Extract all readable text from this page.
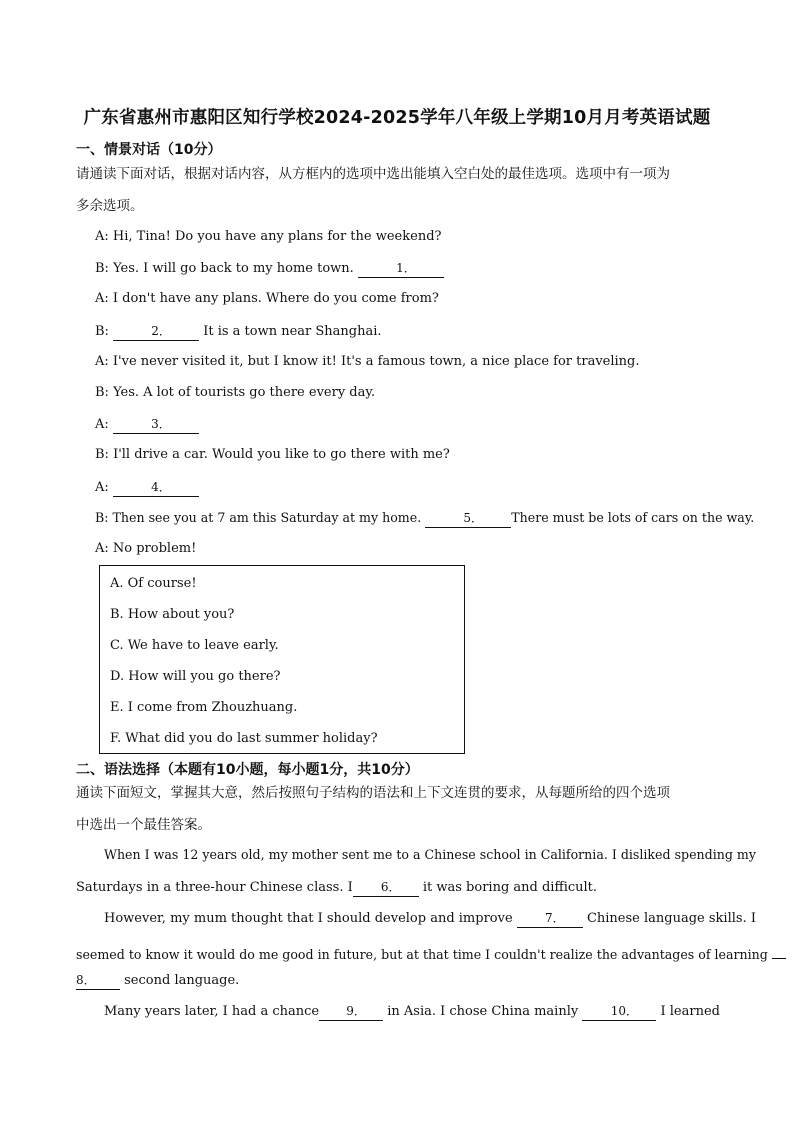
广东省惠州市惠阳区知行学校2024-2025学年八年级上学期10月月考英语试题
一、情景对话（10分）
请通读下面对话，根据对话内容，从方框内的选项中选出能填入空白处的最佳选项。选项中有一项为
多余选项。
A: Hi, Tina! Do you have any plans for the weekend?
B: Yes. I will go back to my home town.	1．
A: I don't have any plans. Where do you come from?
B:	2． It is a town near Shanghai.
A: I've never visited it, but I know it! It's a famous town, a nice place for traveling.
B: Yes. A lot of tourists go there every day.
A:	3．
B: I'll drive a car. Would you like to go there with me?
A:	4．
B: Then see you at 7 am this Saturday at my home.	5． There must be lots of cars on the way.
A: No problem!
A. Of course!
B. How about you?
C. We have to leave early.
D. How will you go there?
E. I come from Zhouzhuang.
F. What did you do last summer holiday?
二、语法选择（本题有10小题，每小题1分，共10分）
通读下面短文，掌握其大意，然后按照句子结构的语法和上下文连贯的要求，从每题所给的四个选项
中选出一个最佳答案。
When I was 12 years old, my mother sent me to a Chinese school in California. I disliked spending my
Saturdays in a three-hour Chinese class. I 6． it was boring and difficult.
However, my mum thought that I should develop and improve	7． Chinese language skills. I
seemed to know it would do me good in future, but at that time I couldn't realize the advantages of learning
8． second language.
Many years later, I had a chance 9． in Asia. I chose China mainly	10． I learned
